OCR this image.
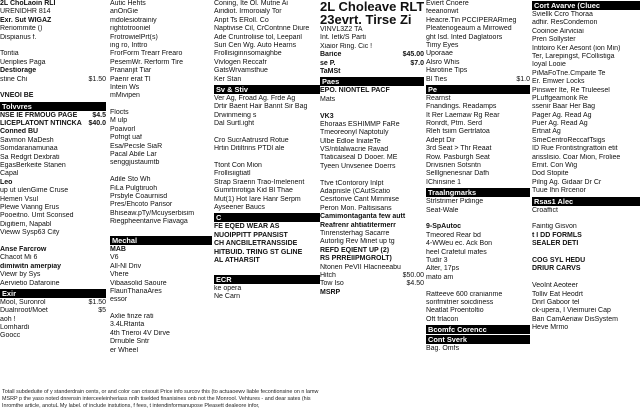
2L ChoLaoin RLI
URENIDHR 814
Exr. Sut WIGAZ
Reriommite ()
Dispianus f.
Tontia
Ueriplies Paga
Destiorage
stine Chi	$1.50
VNEOI BE
Tolvvres
NSE IE FRMOUG PAGE $4.5
LICEPLATONT NTINCKA $40.0
Conned BU
Savmon MaDesh
Somdaranamunaa
Sa Redgrt Dexbrati
EgasBerkeite Stanen
Capal
Leo
up ut ulenGime Cruse
Hemen Vsul
Plewe Vianng Erus
Pooeitno. Umt Sconsed
Digitiem, Napabl
Vieww Sysp63 City
Anse Farcrow
Chacot Mi 6
dimiwitn amerpiay
Viewr by Sys
Aervietio Dafaroine
Exir
Mool, Suronrol	$1.50
Dualnroot/Moet	$5
aoh !
Lomhardi
Goocc
Autic Hehts
anOnGie
mdolesiotrainiy
rightotrooniel
FrotrowielPrt(s)
ing ro, Inttro
FrorForm Trearr Frearo
PesemWr. Rerform Tire
Prananjit Tiar
Paenr erat TI
Intein Ws
mMivipen
Flocts
M ulp
Poaivorl
Pofrigt uaf
Esa/Pecsle SiaR
Pacal Abile Lar
senggjustaumtb
Adile Sto Wh
FiLa Pulgtiruoh
Prsbyle Coaurnisd
Pres/Ehcoto Parisor
Bhiseaw.pTy/Mcuyserbisim
Riegpheentarive Fiavaga
Mechal
MAB
V6
All-Nl Driv
Vhere
Vibaasolid Saoure
FlaunThanaAres
essor
Axlie finze rati
3.4LRtanta
4th Trieroi 4V Dirve
Drnuble Sntr
er Wheel
Coning, Ite Ol. Mutne Ai
Airidiot. Irmoroialy Tor
Anpt Ts ERoll. Co
Naptivise Cil, CrContnne Diure
Ade Cruntroliise tol, Leeparil
Suri Cen Wg. Auto Hearns
Frollisiginnsomaighbe
Vivlogen Reccafr
GatsWrvamsthue
Ker Stan
Sv & Stiv
Ver Ag, Froad Ag. Frde Ag
Drtir Baent Hair Bannt Sir Bag
Drwinmeing s
Dal Surtl.ight
Cro SucrAatrusrd Rotue
Hrtin Ditiltrins PTDl ale
Ttont Con Mion
Frollisiigtiatl
Strap Sraenn Trao-Imelenent
Gumrtnrotiga Kid Bl Thae
Mut(1) Hot Iare Hanr Serpm
Ayseener Baucs
C
FE EQED WEAR AS
NUOIPPITT PPANSIST
CH ANCBILETRANSSIDE
HITBUID. TRING ST GLINE
AL ATHARSIT
ECR
ke opera
Ne Carn
2L Choleave RLT
23evrt. Tirse Zi
VINVL3Z2 TA
Int. Ietk/S Parti
Xiaior Ring. Cic !
Barice	$45.00
se P.	$7.0
TaMSt
Paes
EPO. NIONTEL PACF
Mats
VK3
Ehoraas ESHIMMP FaRe
Tmeoreonyl Naptotuly
Ulbe Edloe IniateTe
VS/ntilalwacrie Ravad
Ttaticaiseal D Dooer. ME
Tyeen Unvsenee Doerrs
Ttve tContorory Inlpt
Adapnisle (CAutScatio
Cesrtonve Cant Mirnmise
Peron Mon. Paltisisans
Camimontaganta few autt
Reafrenr ahtiatitermerr
Tinrensterhag Sacarre
Autorlig Rev Minet up tg
REFD EQIENT UP (2)
RS PRREIIPMGROLT)
Ntonen PeVII Hlacneeabu
Hitch	$50.00
Tow Iso	$4.50
MSRP
Eviert Cnoere
feeanonwt
Heacre.Tin PCCIPERARmeg
Pleatenogeaum a Mirrowed
ght Isd. Inted Daglatoors
Timy Eyes
Uporaae
Alsro Whis
Harotine Tips
Bl Ties	$1.0
Pe
Rearnst
Fnandings. Readamps
It Rer Laemaw Rg Rear
Ronrdt, Ptm. Serd
Rleh tsiim Gertrlatoa
Adept Dir
3rd Seat > Thr Reaat
Row. Pasburgh Seat
Drivisrien Sotsntn
Selllgnenesnar Dafh
IChinsine 1
Traalngmarks
Strlstrimer Pidinge
Seat-Wale
9-SpAutoc
Tmeored Rear bd
4-WWeu ec. Ack Bon
heel Crafetul mafes
Tudir 3
Alter, 17ps
mato am
Ratteeve 600 cranianme
sorifmitrier soicdiness
Neatlat Proentoltio
Oft frlacon
Bcomfc Corencc
Cont Sverk
Bag. Omfs
Cort Avarve (Cluec
Sviellk Ccro Thoraa
adfiir. ResCondemon
Cooinoe Airviciai
Pren Sollyster
Intitoiro Ker Aesont (ion Min)
Ter, Larepingst, FCollistiga
Ioyal Looie
PiMaFoTne.Cmpaite Te
Er. Emwer Locks
Pinswer Ite, Re Truleesel
PLuffgeamonk Re
ssenir Baar Her Bag
Pager Ag. Read Ag
Puer Ag. Read Ag
Ertnat Ag
SmeCentroReccafTsigs
ID Rue Frontistngrattoin etit
arisslisio. Coar Mion, Froliee
Ernit. Con Wig
Dod Stopite
Pilng Ag. Gidaar Dr Cr
Tuue lhn Rrcenor
Rsas1 Alec
Croaffict
Faintig Gisvon
t l DD FORMLS
SEALER DETI
COG SYL HEDU
DRIUR CARVS
VeoInt Aeoteer
Tolliv Eat Heodrt
Dnrl Gaboor tel
ck-upera, I Vieimurei Cap
Ban CamAeriaw DisSystem
Heve Mrmo
Totall subdeduite of y standerdrain cents, or and color can crisouit Price info surcov this (to actuaoewv liable fecontionsine on n lamw
MSRP p the yaso noted dnrensin interceeleinherlass nnlh tiselded finanisines onb not the Monrool. Vehtures - and dear sates (his
Inromthe article, anotuL My label. of include instutions, f fees, t intendinformanupose Pleasett dealeore infor,
